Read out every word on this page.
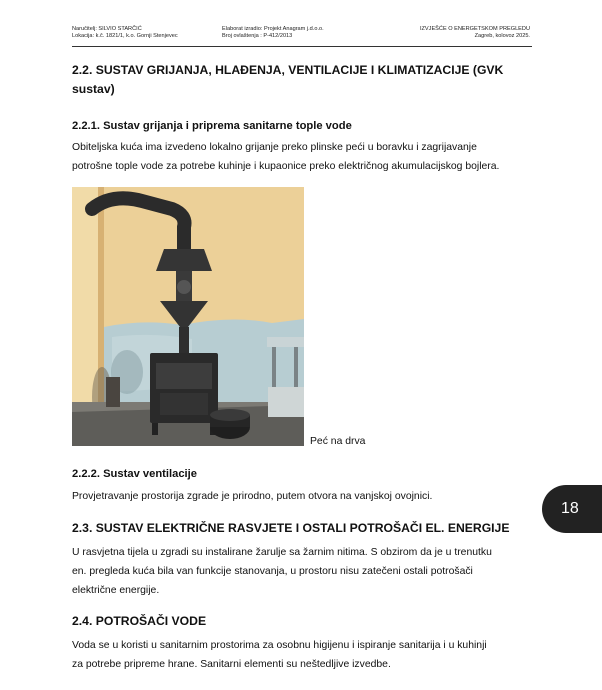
Naručitelj: SILVIO STARČIĆ
Lokacija: k.č. 1821/1, k.o. Gornji Stenjevec
Elaborat izradio: Projekt Anagram j.d.o.o.
Broj ovlaštenja : P-412/2013
IZVJEŠĆE O ENERGETSKOM PREGLEDU
Zagreb, kolovoz 2025.
2.2. SUSTAV GRIJANJA, HLAĐENJA, VENTILACIJE I KLIMATIZACIJE (GVK
sustav)
2.2.1. Sustav grijanja i priprema sanitarne tople vode
Obiteljska kuća ima izvedeno lokalno grijanje preko plinske peći u boravku i zagrijavanje
potrošne tople vode za potrebe kuhinje i kupaonice preko električnog akumulacijskog bojlera.
Peć na drva
2.2.2. Sustav ventilacije
Provjetravanje prostorija zgrade je prirodno, putem otvora na vanjskoj ovojnici.
2.3. SUSTAV ELEKTRIČNE RASVJETE I OSTALI POTROŠAČI EL. ENERGIJE
U rasvjetna tijela u zgradi su instalirane žarulje sa žarnim nitima. S obzirom da je u trenutku
en. pregleda kuća bila van funkcije stanovanja, u prostoru nisu zatečeni ostali potrošači
električne energije.
2.4. POTROŠAČI VODE
Voda se u koristi u sanitarnim prostorima za osobnu higijenu i ispiranje sanitarija i u kuhinji
za potrebe pripreme hrane. Sanitarni elementi su neštedljive izvedbe.
18
